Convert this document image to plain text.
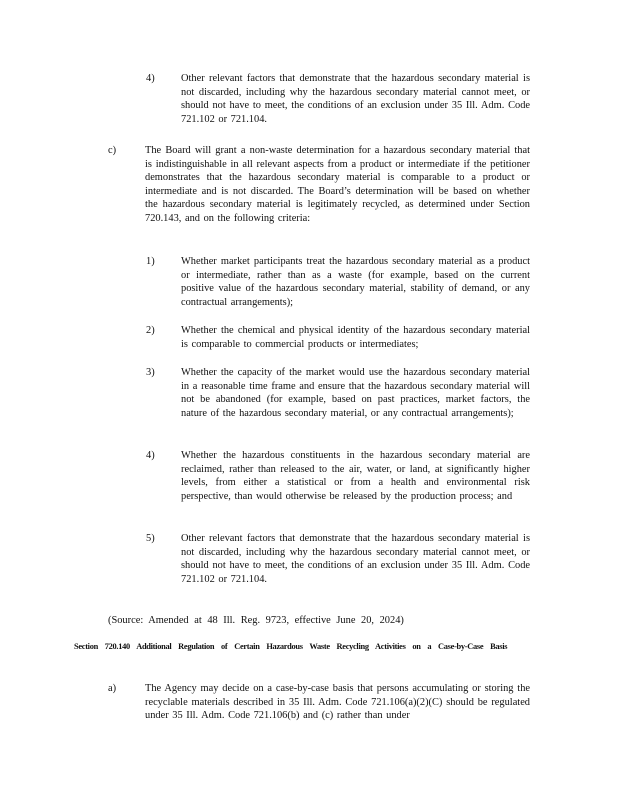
4)	Other relevant factors that demonstrate that the hazardous secondary material is not discarded, including why the hazardous secondary material cannot meet, or should not have to meet, the conditions of an exclusion under 35 Ill. Adm. Code 721.102 or 721.104.
c)	The Board will grant a non-waste determination for a hazardous secondary material that is indistinguishable in all relevant aspects from a product or intermediate if the petitioner demonstrates that the hazardous secondary material is comparable to a product or intermediate and is not discarded. The Board’s determination will be based on whether the hazardous secondary material is legitimately recycled, as determined under Section 720.143, and on the following criteria:
1)	Whether market participants treat the hazardous secondary material as a product or intermediate, rather than as a waste (for example, based on the current positive value of the hazardous secondary material, stability of demand, or any contractual arrangements);
2)	Whether the chemical and physical identity of the hazardous secondary material is comparable to commercial products or intermediates;
3)	Whether the capacity of the market would use the hazardous secondary material in a reasonable time frame and ensure that the hazardous secondary material will not be abandoned (for example, based on past practices, market factors, the nature of the hazardous secondary material, or any contractual arrangements);
4)	Whether the hazardous constituents in the hazardous secondary material are reclaimed, rather than released to the air, water, or land, at significantly higher levels, from either a statistical or from a health and environmental risk perspective, than would otherwise be released by the production process; and
5)	Other relevant factors that demonstrate that the hazardous secondary material is not discarded, including why the hazardous secondary material cannot meet, or should not have to meet, the conditions of an exclusion under 35 Ill. Adm. Code 721.102 or 721.104.
(Source: Amended at 48 Ill. Reg. 9723, effective June 20, 2024)
Section 720.140 Additional Regulation of Certain Hazardous Waste Recycling Activities on a Case-by-Case Basis
a)	The Agency may decide on a case-by-case basis that persons accumulating or storing the recyclable materials described in 35 Ill. Adm. Code 721.106(a)(2)(C) should be regulated under 35 Ill. Adm. Code 721.106(b) and (c) rather than under
